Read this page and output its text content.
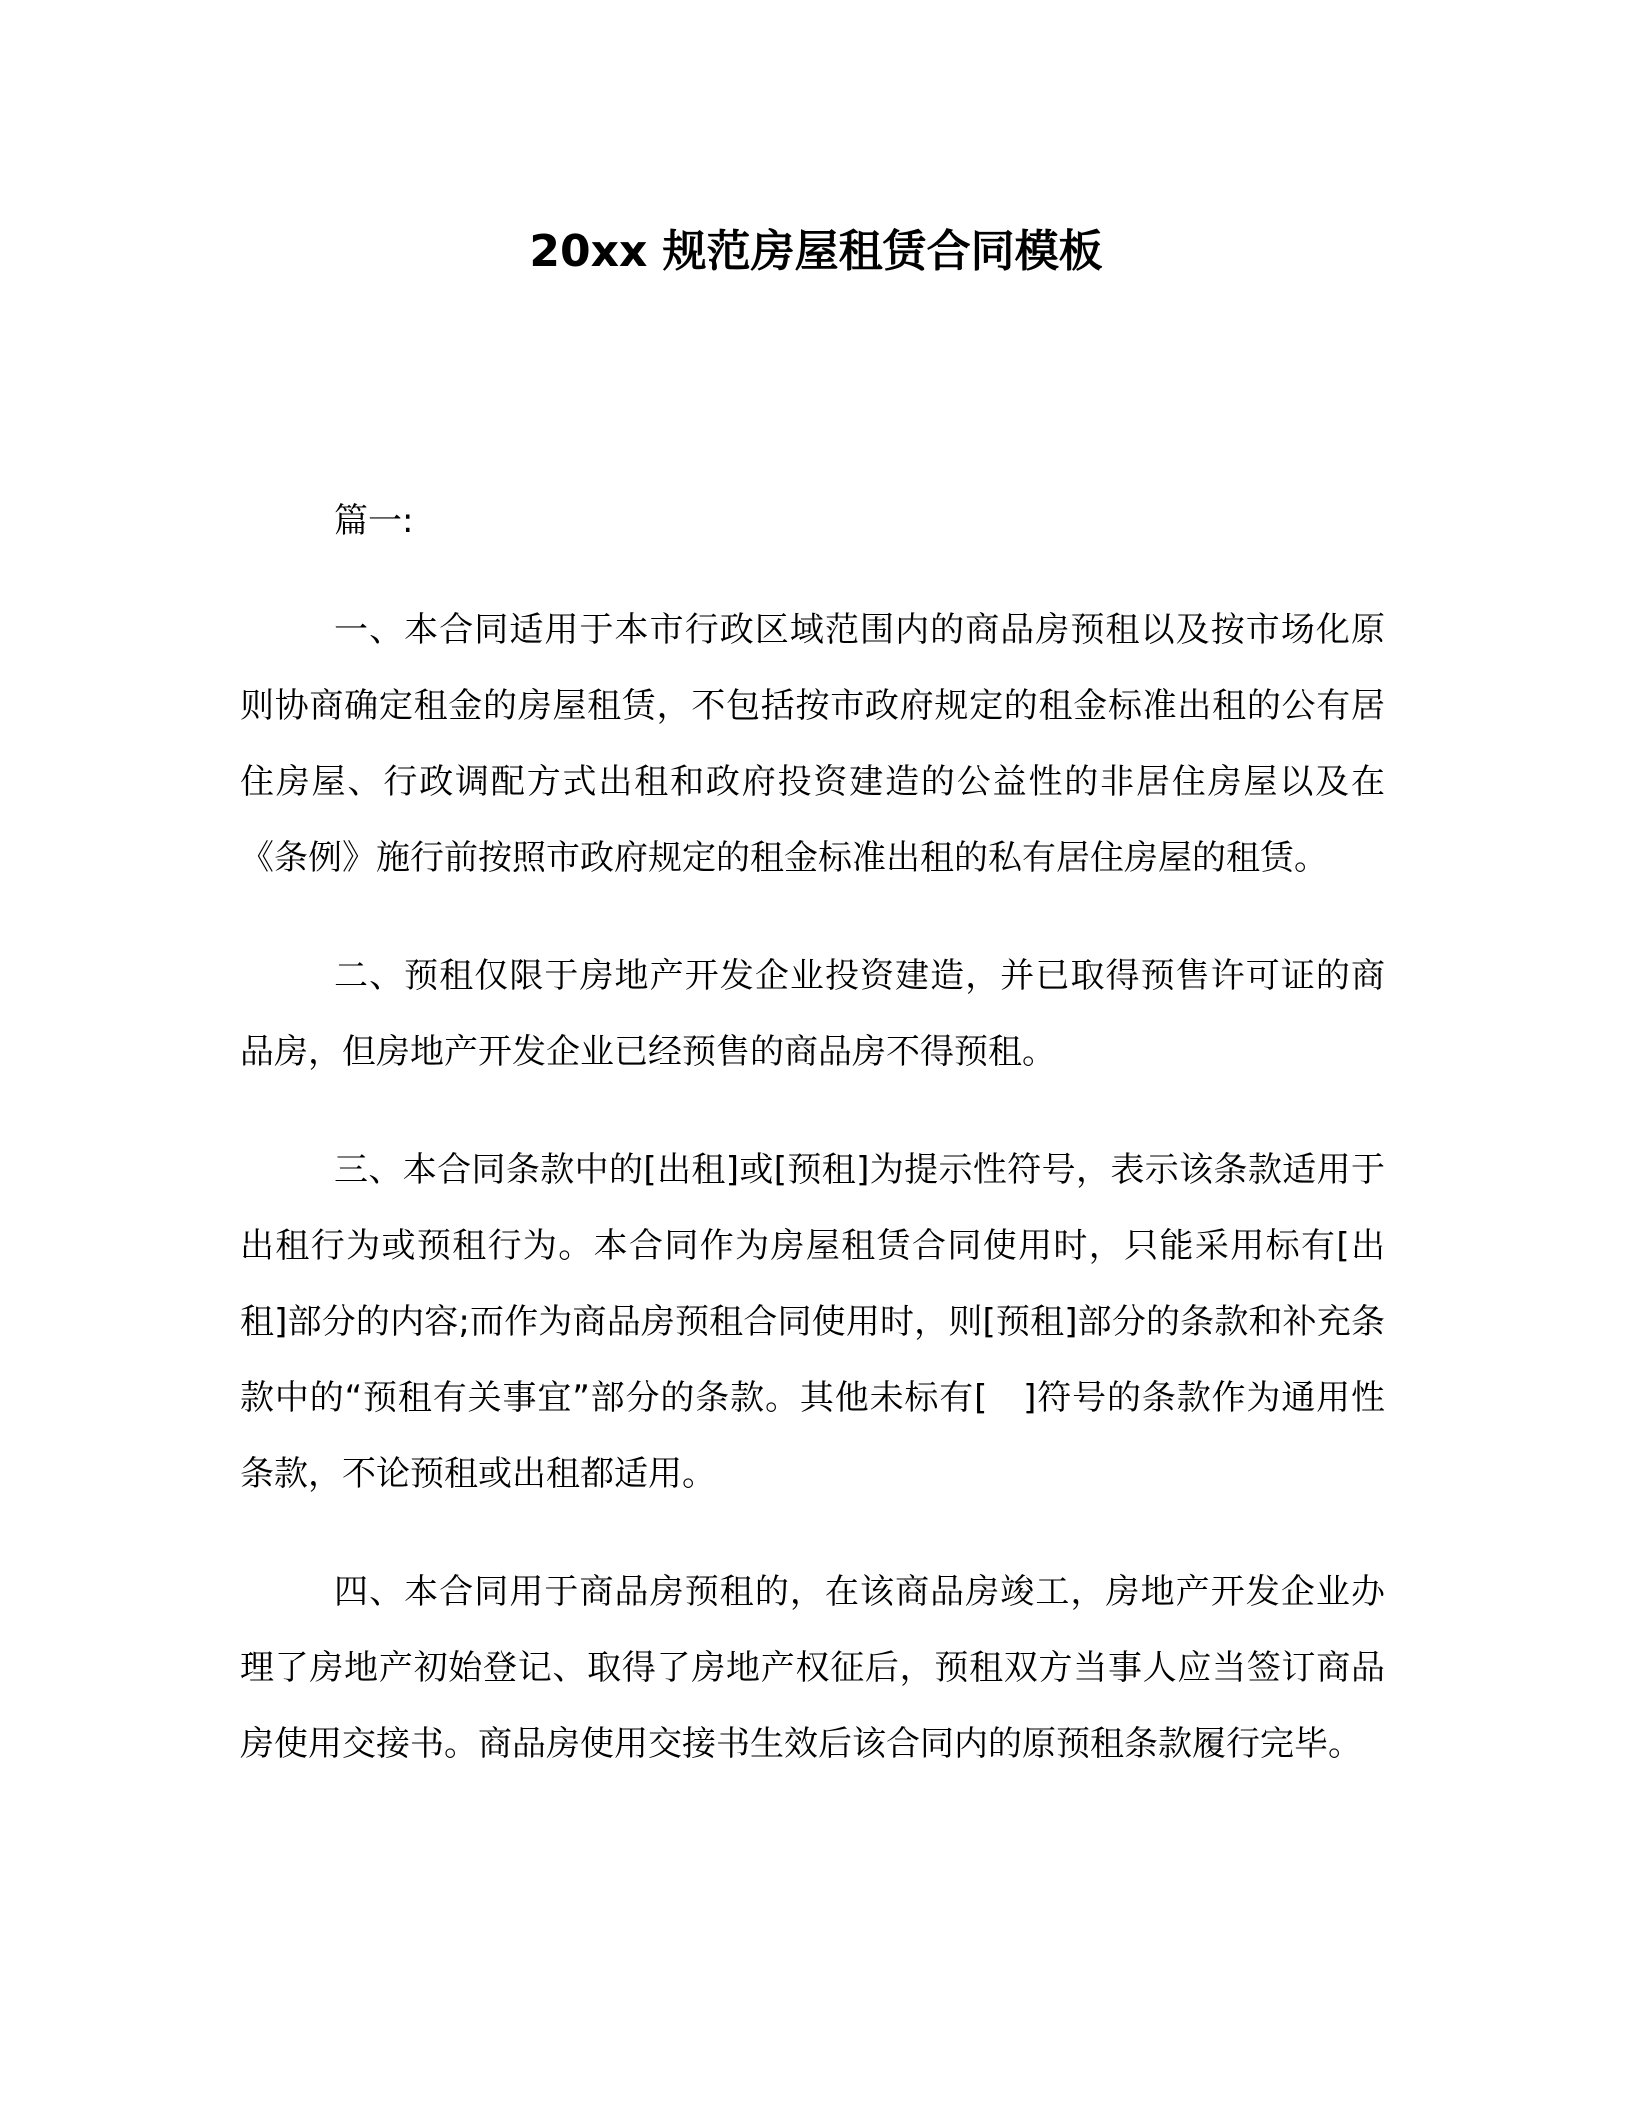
20xx 规范房屋租赁合同模板

篇一:

一、本合同适用于本市行政区域范围内的商品房预租以及按市场化原则协商确定租金的房屋租赁，不包括按市政府规定的租金标准出租的公有居住房屋、行政调配方式出租和政府投资建造的公益性的非居住房屋以及在《条例》施行前按照市政府规定的租金标准出租的私有居住房屋的租赁。

二、预租仅限于房地产开发企业投资建造，并已取得预售许可证的商品房，但房地产开发企业已经预售的商品房不得预租。

三、本合同条款中的[出租]或[预租]为提示性符号，表示该条款适用于出租行为或预租行为。本合同作为房屋租赁合同使用时，只能采用标有[出租]部分的内容;而作为商品房预租合同使用时，则[预租]部分的条款和补充条款中的“预租有关事宜”部分的条款。其他未标有[　]符号的条款作为通用性条款，不论预租或出租都适用。

四、本合同用于商品房预租的，在该商品房竣工，房地产开发企业办理了房地产初始登记、取得了房地产权征后，预租双方当事人应当签订商品房使用交接书。商品房使用交接书生效后该合同内的原预租条款履行完毕。
